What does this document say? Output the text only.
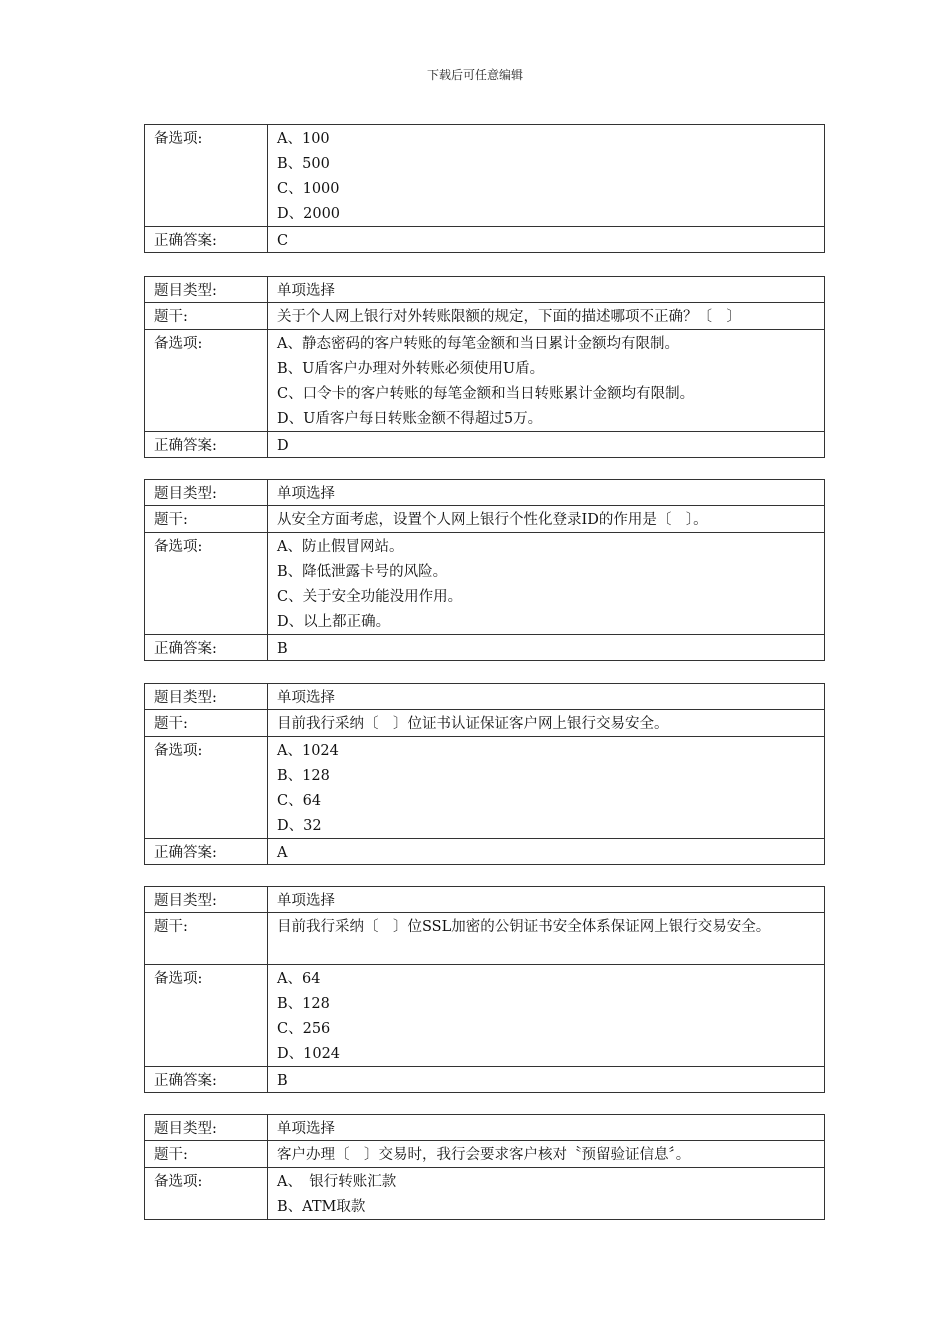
下载后可任意编辑
备选项:	A、100
B、500
C、1000
D、2000
正确答案:	C
题目类型:	单项选择
题干:	关于个人网上银行对外转账限额的规定，下面的描述哪项不正确？〔　〕
备选项:	A、静态密码的客户转账的每笔金额和当日累计金额均有限制。
B、U盾客户办理对外转账必须使用U盾。
C、口令卡的客户转账的每笔金额和当日转账累计金额均有限制。
D、U盾客户每日转账金额不得超过5万。
正确答案:	D
题目类型:	单项选择
题干:	从安全方面考虑，设置个人网上银行个性化登录ID的作用是〔　〕。
备选项:	A、防止假冒网站。
B、降低泄露卡号的风险。
C、关于安全功能没用作用。
D、以上都正确。
正确答案:	B
题目类型:	单项选择
题干:	目前我行采纳〔　〕位证书认证保证客户网上银行交易安全。
备选项:	A、1024
B、128
C、64
D、32
正确答案:	A
题目类型:	单项选择
题干:	目前我行采纳〔　〕位SSL加密的公钥证书安全体系保证网上银行交易安全。
备选项:	A、64
B、128
C、256
D、1024
正确答案:	B
题目类型:	单项选择
题干:	客户办理〔　〕交易时，我行会要求客户核对〝预留验证信息〞。
备选项:	A、　银行转账汇款
B、ATM取款
